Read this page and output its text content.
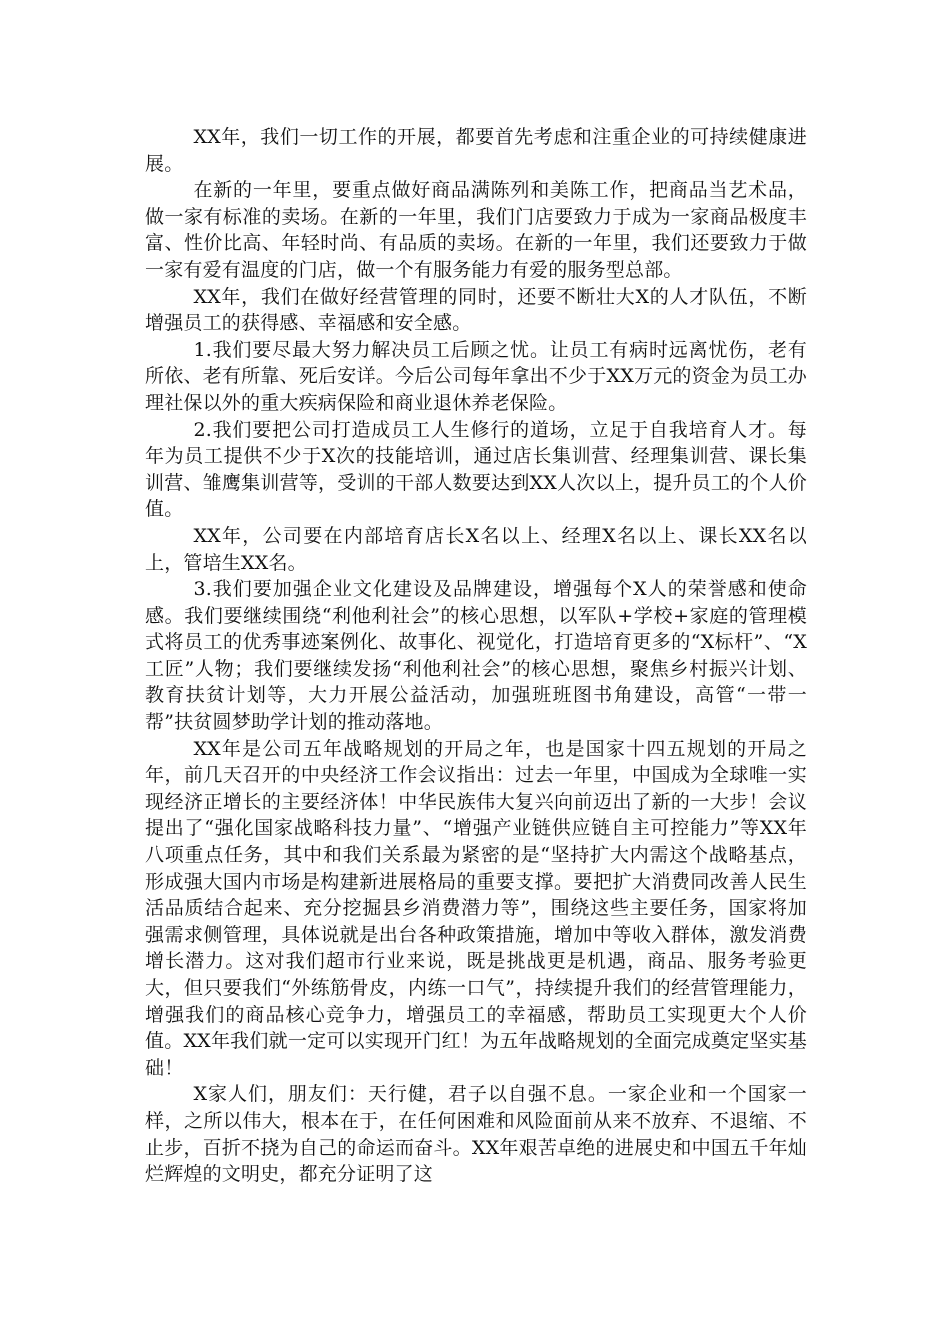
XX年，我们一切工作的开展，都要首先考虑和注重企业的可持续健康进展。

在新的一年里，要重点做好商品满陈列和美陈工作，把商品当艺术品，做一家有标准的卖场。在新的一年里，我们门店要致力于成为一家商品极度丰富、性价比高、年轻时尚、有品质的卖场。在新的一年里，我们还要致力于做一家有爱有温度的门店，做一个有服务能力有爱的服务型总部。

XX年，我们在做好经营管理的同时，还要不断壮大X的人才队伍，不断增强员工的获得感、幸福感和安全感。

1.我们要尽最大努力解决员工后顾之忧。让员工有病时远离忧伤，老有所依、老有所靠、死后安详。今后公司每年拿出不少于XX万元的资金为员工办理社保以外的重大疾病保险和商业退休养老保险。

2.我们要把公司打造成员工人生修行的道场，立足于自我培育人才。每年为员工提供不少于X次的技能培训，通过店长集训营、经理集训营、课长集训营、雏鹰集训营等，受训的干部人数要达到XX人次以上，提升员工的个人价值。

XX年，公司要在内部培育店长X名以上、经理X名以上、课长XX名以上，管培生XX名。

3.我们要加强企业文化建设及品牌建设，增强每个X人的荣誉感和使命感。我们要继续围绕“利他利社会”的核心思想，以军队+学校+家庭的管理模式将员工的优秀事迹案例化、故事化、视觉化，打造培育更多的“X标杆”、“X工匠”人物；我们要继续发扬“利他利社会”的核心思想，聚焦乡村振兴计划、教育扶贫计划等，大力开展公益活动，加强班班图书角建设，高管“一带一帮”扶贫圆梦助学计划的推动落地。

XX年是公司五年战略规划的开局之年，也是国家十四五规划的开局之年，前几天召开的中央经济工作会议指出：过去一年里，中国成为全球唯一实现经济正增长的主要经济体！中华民族伟大复兴向前迈出了新的一大步！会议提出了“强化国家战略科技力量”、“增强产业链供应链自主可控能力”等XX年八项重点任务，其中和我们关系最为紧密的是“坚持扩大内需这个战略基点，形成强大国内市场是构建新进展格局的重要支撑。要把扩大消费同改善人民生活品质结合起来、充分挖掘县乡消费潜力等”，围绕这些主要任务，国家将加强需求侧管理，具体说就是出台各种政策措施，增加中等收入群体，激发消费增长潜力。这对我们超市行业来说，既是挑战更是机遇，商品、服务考验更大，但只要我们“外练筋骨皮，内练一口气”，持续提升我们的经营管理能力，增强我们的商品核心竞争力，增强员工的幸福感，帮助员工实现更大个人价值。XX年我们就一定可以实现开门红！为五年战略规划的全面完成奠定坚实基础！

X家人们，朋友们：天行健，君子以自强不息。一家企业和一个国家一样，之所以伟大，根本在于，在任何困难和风险面前从来不放弃、不退缩、不止步，百折不挠为自己的命运而奋斗。XX年艰苦卓绝的进展史和中国五千年灿烂辉煌的文明史，都充分证明了这
